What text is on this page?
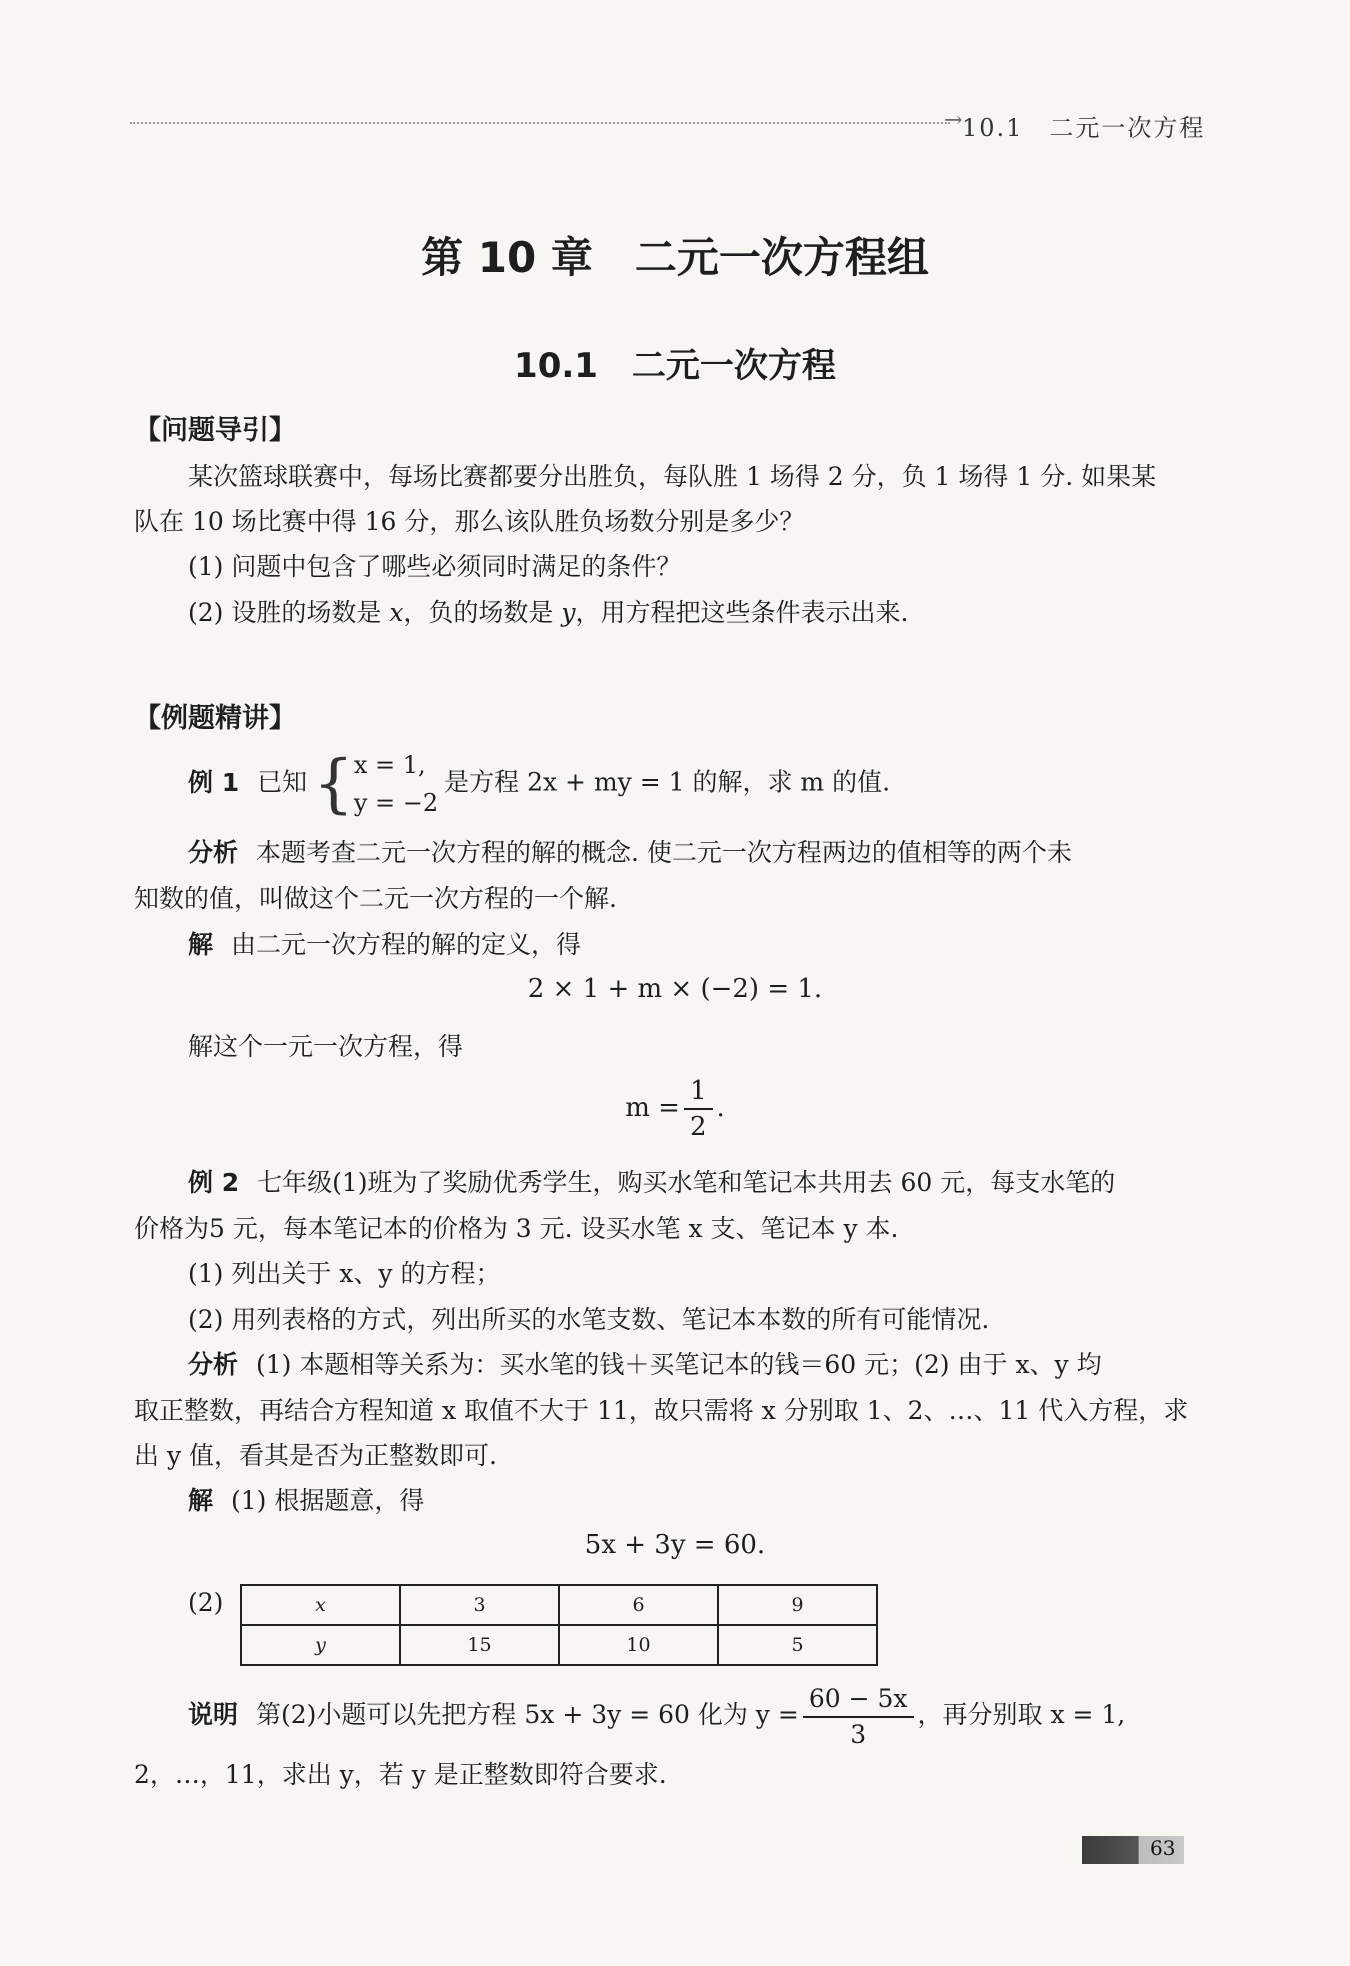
→ 10.1　二元一次方程
第 10 章　二元一次方程组
10.1　二元一次方程
【问题导引】
某次篮球联赛中，每场比赛都要分出胜负，每队胜 1 场得 2 分，负 1 场得 1 分. 如果某
队在 10 场比赛中得 16 分，那么该队胜负场数分别是多少？
(1) 问题中包含了哪些必须同时满足的条件？
(2) 设胜的场数是 x，负的场数是 y，用方程把这些条件表示出来.
【例题精讲】
例 1 已知{ x = 1,
y = −2
是方程 2x + my = 1 的解，求 m 的值.
分析 本题考查二元一次方程的解的概念. 使二元一次方程两边的值相等的两个未
知数的值，叫做这个二元一次方程的一个解.
解 由二元一次方程的解的定义，得
2 × 1 + m × (−2) = 1.
解这个一元一次方程，得
$m = \frac{1}{2}$ .
例 2 七年级(1)班为了奖励优秀学生，购买水笔和笔记本共用去 60 元，每支水笔的
价格为5 元，每本笔记本的价格为 3 元. 设买水笔 x 支、笔记本 y 本.
(1) 列出关于 x、y 的方程；
(2) 用列表格的方式，列出所买的水笔支数、笔记本本数的所有可能情况.
分析 (1) 本题相等关系为：买水笔的钱＋买笔记本的钱＝60 元；(2) 由于 x、y 均
取正整数，再结合方程知道 x 取值不大于 11，故只需将 x 分别取 1、2、…、11 代入方程，求
出 y 值，看其是否为正整数即可.
解 (1) 根据题意，得
5x + 3y = 60.
(2)	x	3	6	9
y	15	10	5
说明 第(2)小题可以先把方程 5x + 3y = 60 化为 $y = \frac{60 - 5x}{3}$ ，再分别取 x = 1,
2，…，11，求出 y，若 y 是正整数即符合要求.
63
